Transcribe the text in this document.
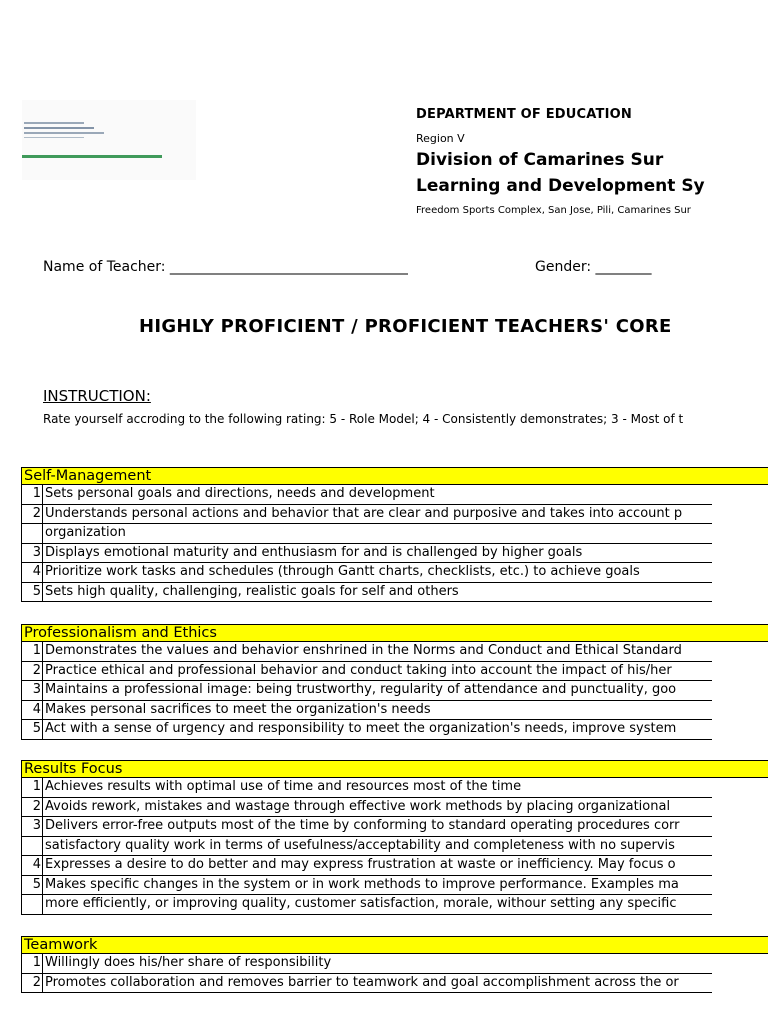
DEPARTMENT OF EDUCATION
Region V
Division of Camarines Sur
Learning and Development Sy
Freedom Sports Complex, San Jose, Pili, Camarines Sur
Name of Teacher: __________________________________	Gender: ________
HIGHLY PROFICIENT / PROFICIENT TEACHERS' CORE
INSTRUCTION:
Rate yourself accroding to the following rating: 5 - Role Model; 4 - Consistently demonstrates; 3 - Most of t
Self-Management
1 Sets personal goals and directions, needs and development
2 Understands personal actions and behavior that are clear and purposive and takes into account p
organization
3 Displays emotional maturity and enthusiasm for and is challenged by higher goals
4 Prioritize work tasks and schedules (through Gantt charts, checklists, etc.) to achieve goals
5 Sets high quality, challenging, realistic goals for self and others
Professionalism and Ethics
1 Demonstrates the values and behavior enshrined in the Norms and Conduct and Ethical Standard
2 Practice ethical and professional behavior and conduct taking into account the impact of his/her
3 Maintains a professional image: being trustworthy, regularity of attendance and punctuality, goo
4 Makes personal sacrifices to meet the organization's needs
5 Act with a sense of urgency and responsibility to meet the organization's needs, improve system
Results Focus
1 Achieves results with optimal use of time and resources most of the time
2 Avoids rework, mistakes and wastage through effective work methods by placing organizational
3 Delivers error-free outputs most of the time by conforming to standard operating procedures corr
satisfactory quality work in terms of usefulness/acceptability and completeness with no supervis
4 Expresses a desire to do better and may express frustration at waste or inefficiency. May focus o
5 Makes specific changes in the system or in work methods to improve performance. Examples ma
more efficiently, or improving quality, customer satisfaction, morale, withour setting any specific
Teamwork
1 Willingly does his/her share of responsibility
2 Promotes collaboration and removes barrier to teamwork and goal accomplishment across the or
